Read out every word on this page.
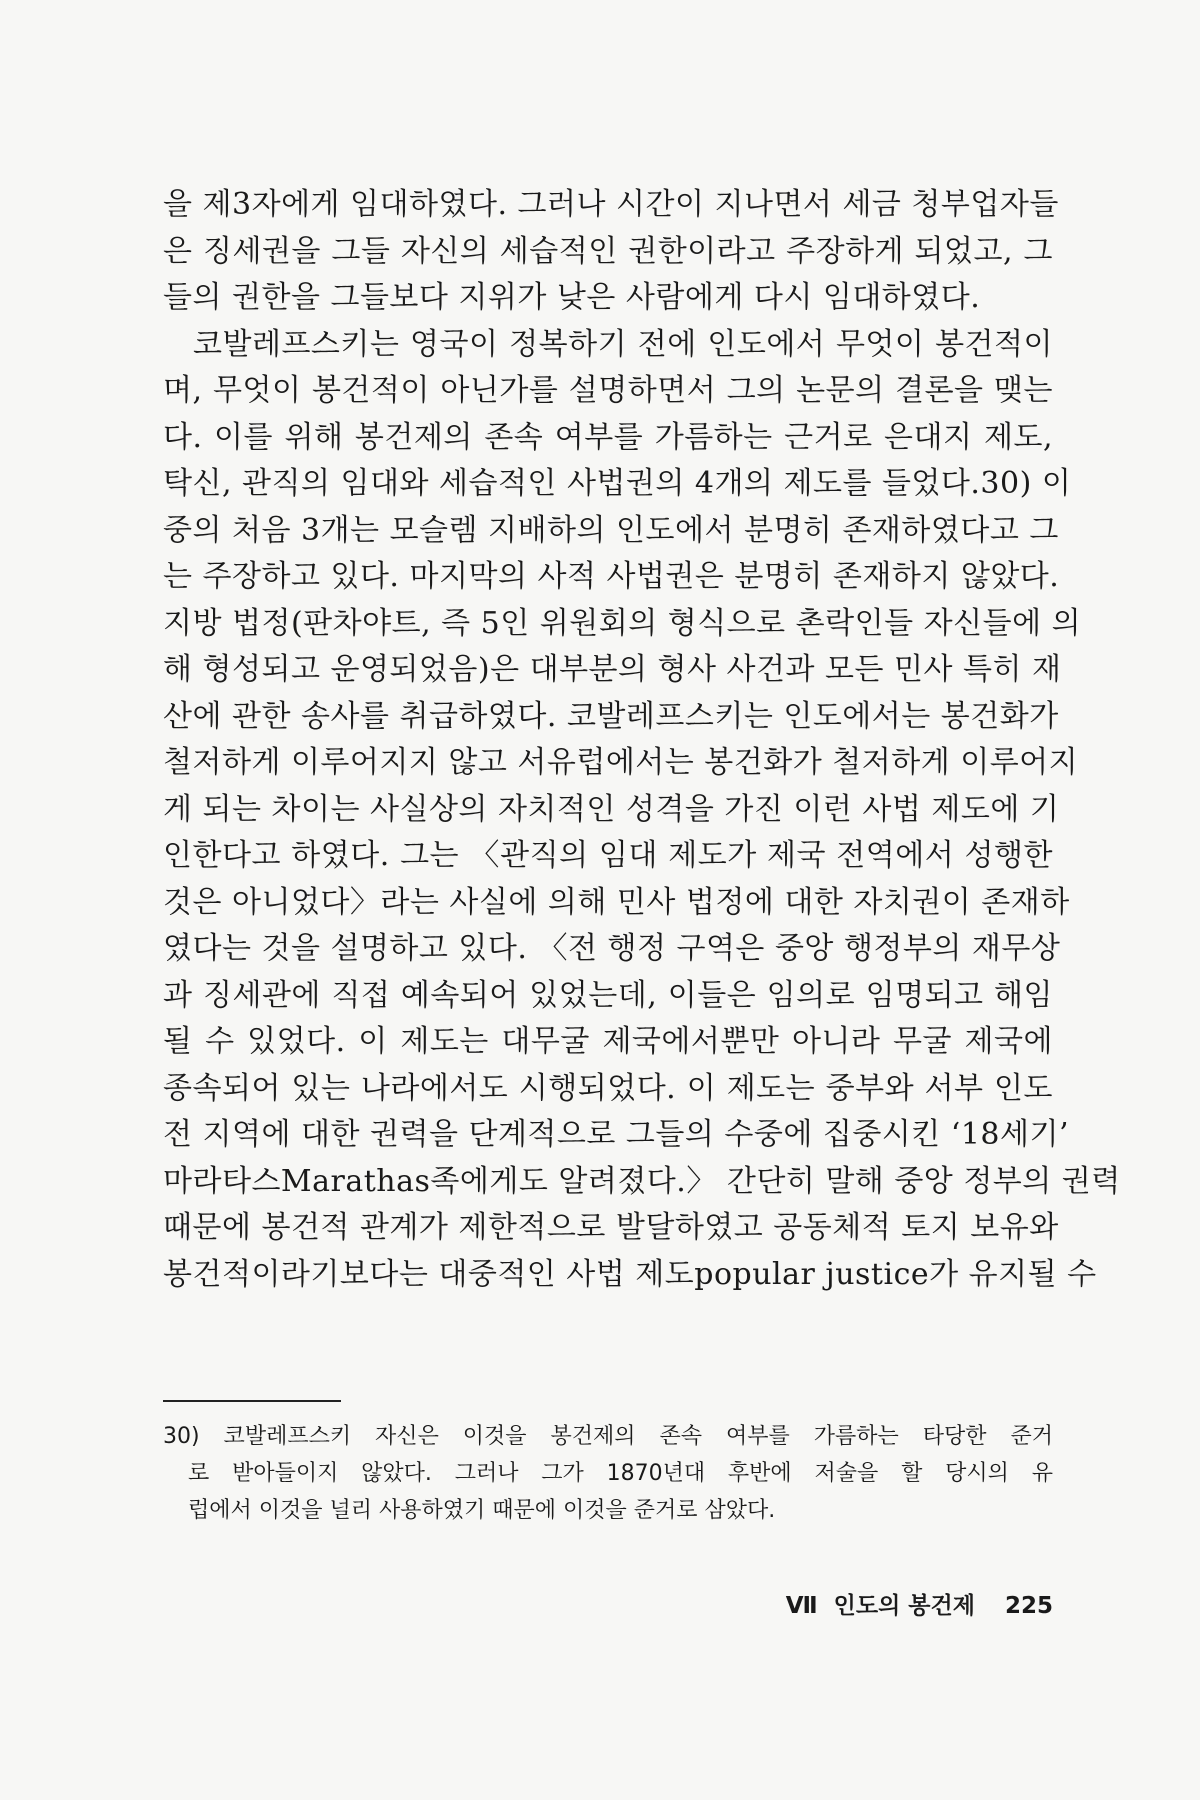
을 제3자에게 임대하였다. 그러나 시간이 지나면서 세금 청부업자들
은 징세권을 그들 자신의 세습적인 권한이라고 주장하게 되었고, 그
들의 권한을 그들보다 지위가 낮은 사람에게 다시 임대하였다.
코발레프스키는 영국이 정복하기 전에 인도에서 무엇이 봉건적이
며, 무엇이 봉건적이 아닌가를 설명하면서 그의 논문의 결론을 맺는
다. 이를 위해 봉건제의 존속 여부를 가름하는 근거로 은대지 제도,
탁신, 관직의 임대와 세습적인 사법권의 4개의 제도를 들었다.30) 이
중의 처음 3개는 모슬렘 지배하의 인도에서 분명히 존재하였다고 그
는 주장하고 있다. 마지막의 사적 사법권은 분명히 존재하지 않았다.
지방 법정(판차야트, 즉 5인 위원회의 형식으로 촌락인들 자신들에 의
해 형성되고 운영되었음)은 대부분의 형사 사건과 모든 민사 특히 재
산에 관한 송사를 취급하였다. 코발레프스키는 인도에서는 봉건화가
철저하게 이루어지지 않고 서유럽에서는 봉건화가 철저하게 이루어지
게 되는 차이는 사실상의 자치적인 성격을 가진 이런 사법 제도에 기
인한다고 하였다. 그는 〈관직의 임대 제도가 제국 전역에서 성행한
것은 아니었다〉라는 사실에 의해 민사 법정에 대한 자치권이 존재하
였다는 것을 설명하고 있다. 〈전 행정 구역은 중앙 행정부의 재무상
과 징세관에 직접 예속되어 있었는데, 이들은 임의로 임명되고 해임
될 수 있었다. 이 제도는 대무굴 제국에서뿐만 아니라 무굴 제국에
종속되어 있는 나라에서도 시행되었다. 이 제도는 중부와 서부 인도
전 지역에 대한 권력을 단계적으로 그들의 수중에 집중시킨 ‘18세기’
마라타스Marathas족에게도 알려졌다.〉 간단히 말해 중앙 정부의 권력
때문에 봉건적 관계가 제한적으로 발달하였고 공동체적 토지 보유와
봉건적이라기보다는 대중적인 사법 제도popular justice가 유지될 수
30) 코발레프스키 자신은 이것을 봉건제의 존속 여부를 가름하는 타당한 준거
로 받아들이지 않았다. 그러나 그가 1870년대 후반에 저술을 할 당시의 유
럽에서 이것을 널리 사용하였기 때문에 이것을 준거로 삼았다.
Ⅶ 인도의 봉건제 225
